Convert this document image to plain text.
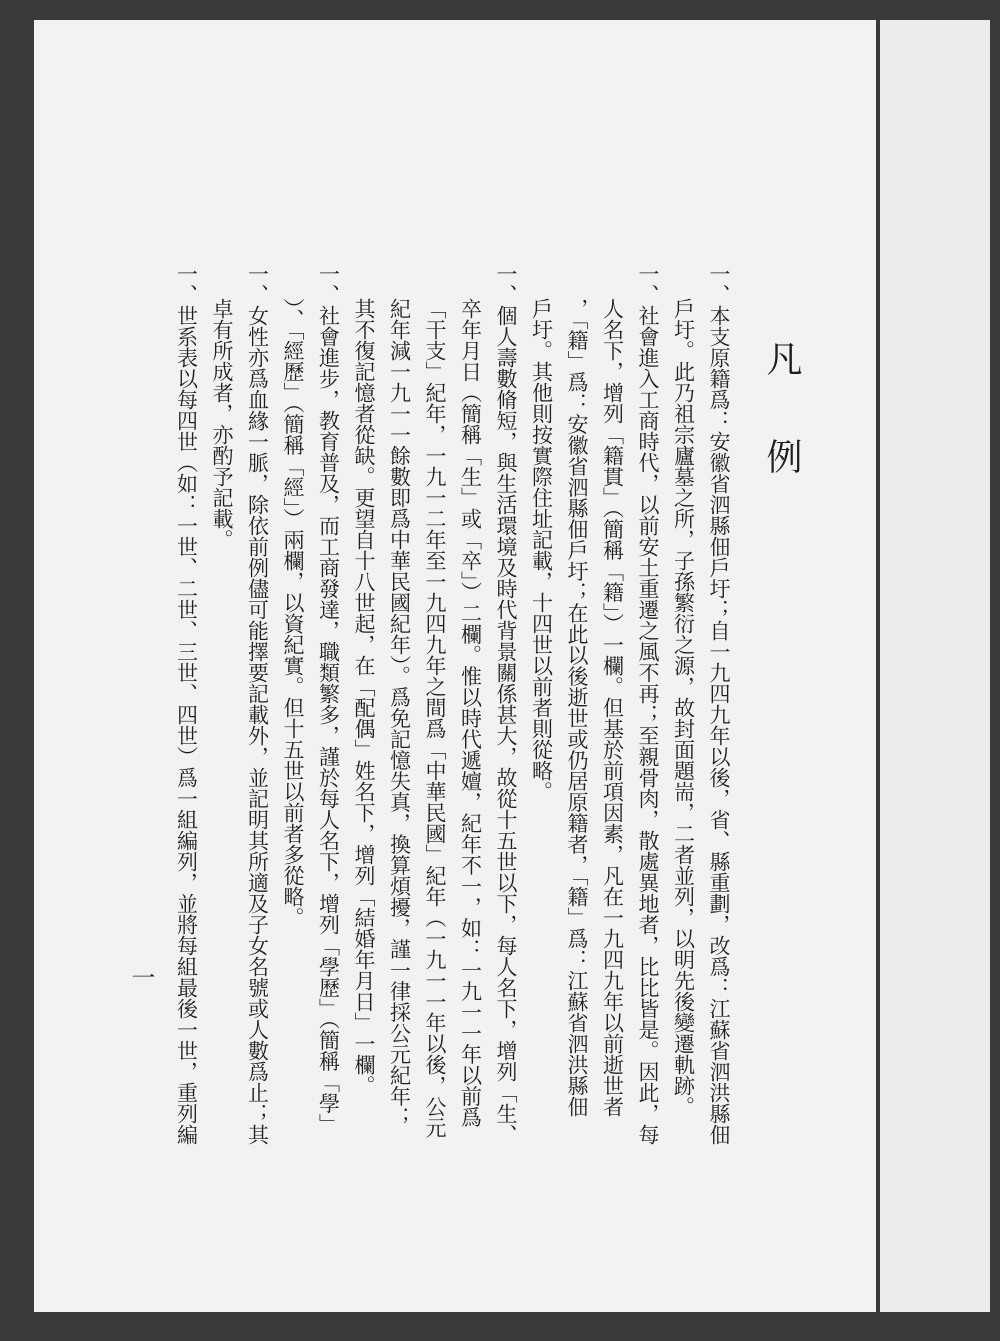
凡例
一、本支原籍爲：安徽省泗縣佃戶圩；自一九四九年以後，省、縣重劃，改爲：江蘇省泗洪縣佃
戶圩。此乃祖宗廬墓之所，子孫繁衍之源，故封面題耑，二者並列，以明先後變遷軌跡。
一、社會進入工商時代，以前安土重遷之風不再；至親骨肉，散處異地者，比比皆是。因此，每
人名下，增列「籍貫」（簡稱「籍」）一欄。但基於前項因素，凡在一九四九年以前逝世者
，「籍」爲：安徽省泗縣佃戶圩；在此以後逝世或仍居原籍者，「籍」爲：江蘇省泗洪縣佃
戶圩。其他則按實際住址記載，十四世以前者則從略。
一、個人壽數脩短，與生活環境及時代背景關係甚大，故從十五世以下，每人名下，增列「生、
卒年月日（簡稱「生」或「卒」）二欄。惟以時代遞嬗，紀年不一，如：一九一一年以前爲
「干支」紀年，一九一二年至一九四九年之間爲「中華民國」紀年（一九一一年以後，公元
紀年減一九一一餘數即爲中華民國紀年）。爲免記憶失真，換算煩擾，謹一律採公元紀年；
其不復記憶者從缺。更望自十八世起，在「配偶」姓名下，增列「結婚年月日」一欄。
一、社會進步，教育普及，而工商發達，職類繁多，謹於每人名下，增列「學歷」（簡稱「學」
）、「經歷」（簡稱「經」）兩欄，以資紀實。但十五世以前者多從略。
一、女性亦爲血緣一脈，除依前例儘可能擇要記載外，並記明其所適及子女名號或人數爲止；其
卓有所成者，亦酌予記載。
一、世系表以每四世（如：一世、二世、三世、四世）爲一組編列，並將每組最後一世，重列編
一
